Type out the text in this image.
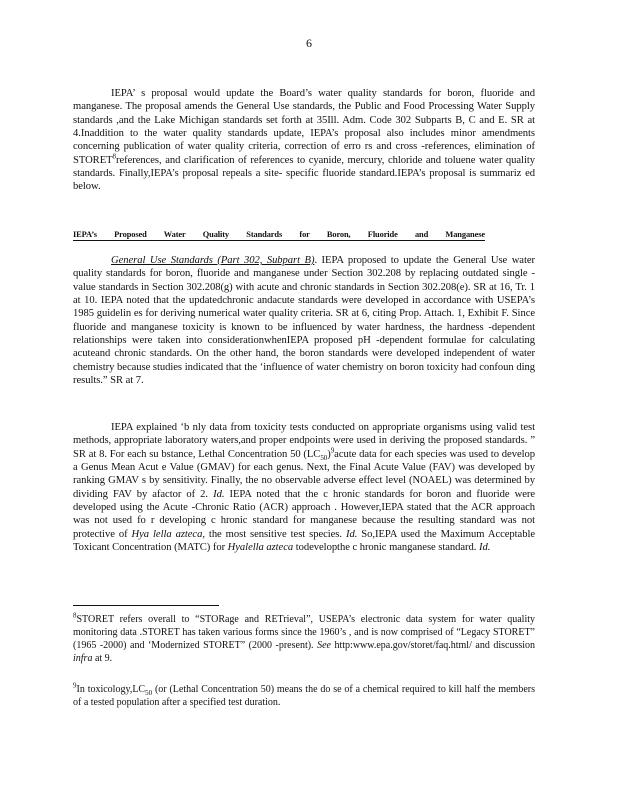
6

IEPA’ s proposal would update the Board’s water quality standards for boron, fluoride and manganese. The proposal amends the General Use standards, the Public and Food Processing Water Supply standards ,and the Lake Michigan standards set forth at 35Ill. Adm. Code 302 Subparts B, C and E. SR at 4.Inaddition to the water quality standards update, IEPA’s proposal also includes minor amendments concerning publication of water quality criteria, correction of erro rs and cross -references, elimination of STORET$^8$references, and clarification of references to cyanide, mercury, chloride and toluene water quality standards. Finally,IEPA’s proposal repeals a site- specific fluoride standard.IEPA’s proposal is summariz ed below.

IEPA’s Proposed Water Quality Standards for Boron, Fluoride and Manganese

General Use Standards (Part 302, Subpart B). IEPA proposed to update the General Use water quality standards for boron, fluoride and manganese under Section 302.208 by replacing outdated single -value standards in Section 302.208(g) with acute and chronic standards in Section 302.208(e). SR at 16, Tr. 1 at 10. IEPA noted that the updatedchronic andacute standards were developed in accordance with USEPA’s 1985 guidelin es for deriving numerical water quality criteria. SR at 6, citing Prop. Attach. 1, Exhibit F. Since fluoride and manganese toxicity is known to be influenced by water hardness, the hardness -dependent relationships were taken into considerationwhenIEPA proposed pH -dependent formulae for calculating acuteand chronic standards. On the other hand, the boron standards were developed independent of water chemistry because studies indicated that the ‘influence of water chemistry on boron toxicity had confoun ding results.” SR at 7.

IEPA explained ‘b nly data from toxicity tests conducted on appropriate organisms using valid test methods, appropriate laboratory waters,and proper endpoints were used in deriving the proposed standards. ” SR at 8. For each su bstance, Lethal Concentration 50 $(LC_{50})^9acute$ data for each species was used to develop a Genus Mean Acut e Value (GMAV) for each genus. Next, the Final Acute Value (FAV) was developed by ranking GMAV s by sensitivity. Finally, the no observable adverse effect level (NOAEL) was determined by dividing FAV by afactor of 2. Id. IEPA noted that the c hronic standards for boron and fluoride were developed using the Acute -Chronic Ratio (ACR) approach . However,IEPA stated that the ACR approach was not used fo r developing c hronic standard for manganese because the resulting standard was not protective of Hya lella azteca, the most sensitive test species. Id. So,IEPA used the Maximum Acceptable Toxicant Concentration (MATC) for Hyalella azteca todevelopthe c hronic manganese standard. Id.

$^8$STORET refers overall to “STORage and RETrieval”, USEPA’s electronic data system for water quality monitoring data .STORET has taken various forms since the 1960’s , and is now comprised of “Legacy STORET” (1965 -2000) and ‘Modernized STORET” (2000 -present). See http:www.epa.gov/storet/faq.html/ and discussion infra at 9.

$^9$In $toxicology,LC_{50}$ (or (Lethal Concentration 50) means the do se of a chemical required to kill half the members of a tested population after a specified test duration.
